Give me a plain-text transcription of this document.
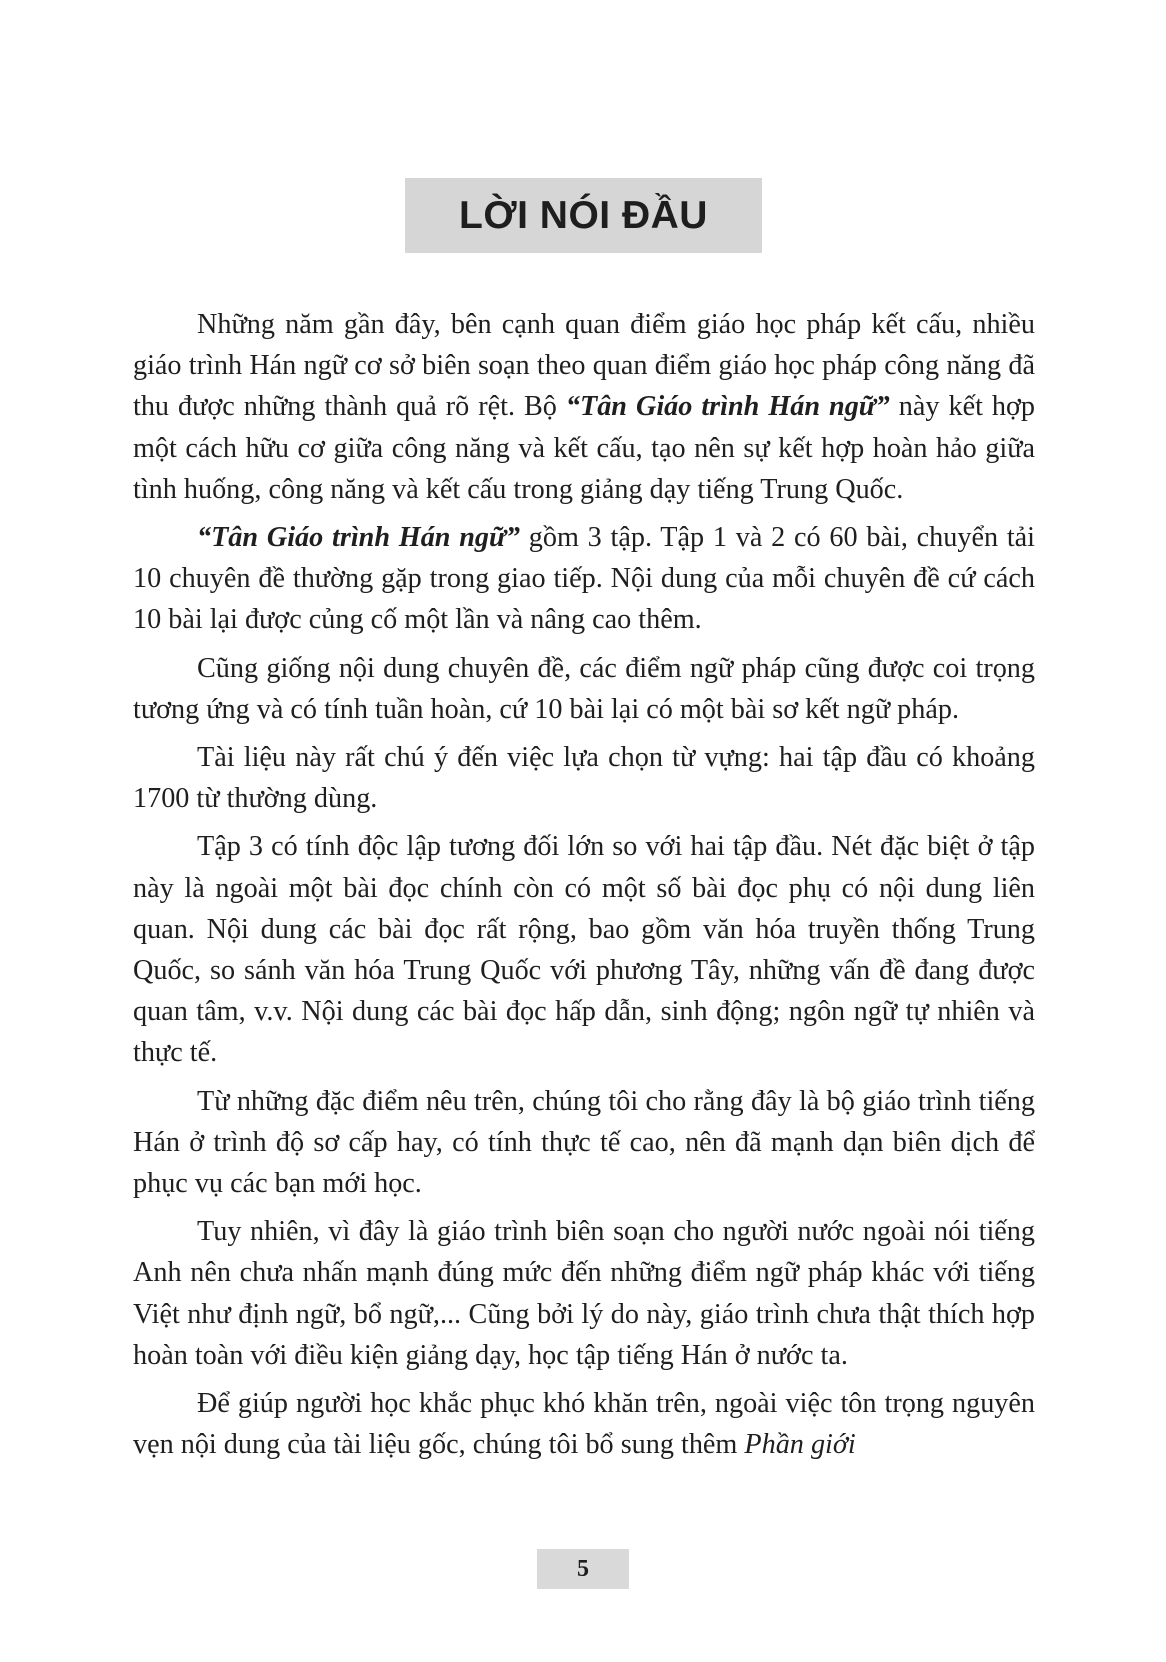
LỜI NÓI ĐẦU

Những năm gần đây, bên cạnh quan điểm giáo học pháp kết cấu, nhiều giáo trình Hán ngữ cơ sở biên soạn theo quan điểm giáo học pháp công năng đã thu được những thành quả rõ rệt. Bộ “Tân Giáo trình Hán ngữ” này kết hợp một cách hữu cơ giữa công năng và kết cấu, tạo nên sự kết hợp hoàn hảo giữa tình huống, công năng và kết cấu trong giảng dạy tiếng Trung Quốc.

“Tân Giáo trình Hán ngữ” gồm 3 tập. Tập 1 và 2 có 60 bài, chuyển tải 10 chuyên đề thường gặp trong giao tiếp. Nội dung của mỗi chuyên đề cứ cách 10 bài lại được củng cố một lần và nâng cao thêm.

Cũng giống nội dung chuyên đề, các điểm ngữ pháp cũng được coi trọng tương ứng và có tính tuần hoàn, cứ 10 bài lại có một bài sơ kết ngữ pháp.

Tài liệu này rất chú ý đến việc lựa chọn từ vựng: hai tập đầu có khoảng 1700 từ thường dùng.

Tập 3 có tính độc lập tương đối lớn so với hai tập đầu. Nét đặc biệt ở tập này là ngoài một bài đọc chính còn có một số bài đọc phụ có nội dung liên quan. Nội dung các bài đọc rất rộng, bao gồm văn hóa truyền thống Trung Quốc, so sánh văn hóa Trung Quốc với phương Tây, những vấn đề đang được quan tâm, v.v. Nội dung các bài đọc hấp dẫn, sinh động; ngôn ngữ tự nhiên và thực tế.

Từ những đặc điểm nêu trên, chúng tôi cho rằng đây là bộ giáo trình tiếng Hán ở trình độ sơ cấp hay, có tính thực tế cao, nên đã mạnh dạn biên dịch để phục vụ các bạn mới học.

Tuy nhiên, vì đây là giáo trình biên soạn cho người nước ngoài nói tiếng Anh nên chưa nhấn mạnh đúng mức đến những điểm ngữ pháp khác với tiếng Việt như định ngữ, bổ ngữ,... Cũng bởi lý do này, giáo trình chưa thật thích hợp hoàn toàn với điều kiện giảng dạy, học tập tiếng Hán ở nước ta.

Để giúp người học khắc phục khó khăn trên, ngoài việc tôn trọng nguyên vẹn nội dung của tài liệu gốc, chúng tôi bổ sung thêm Phần giới

5
